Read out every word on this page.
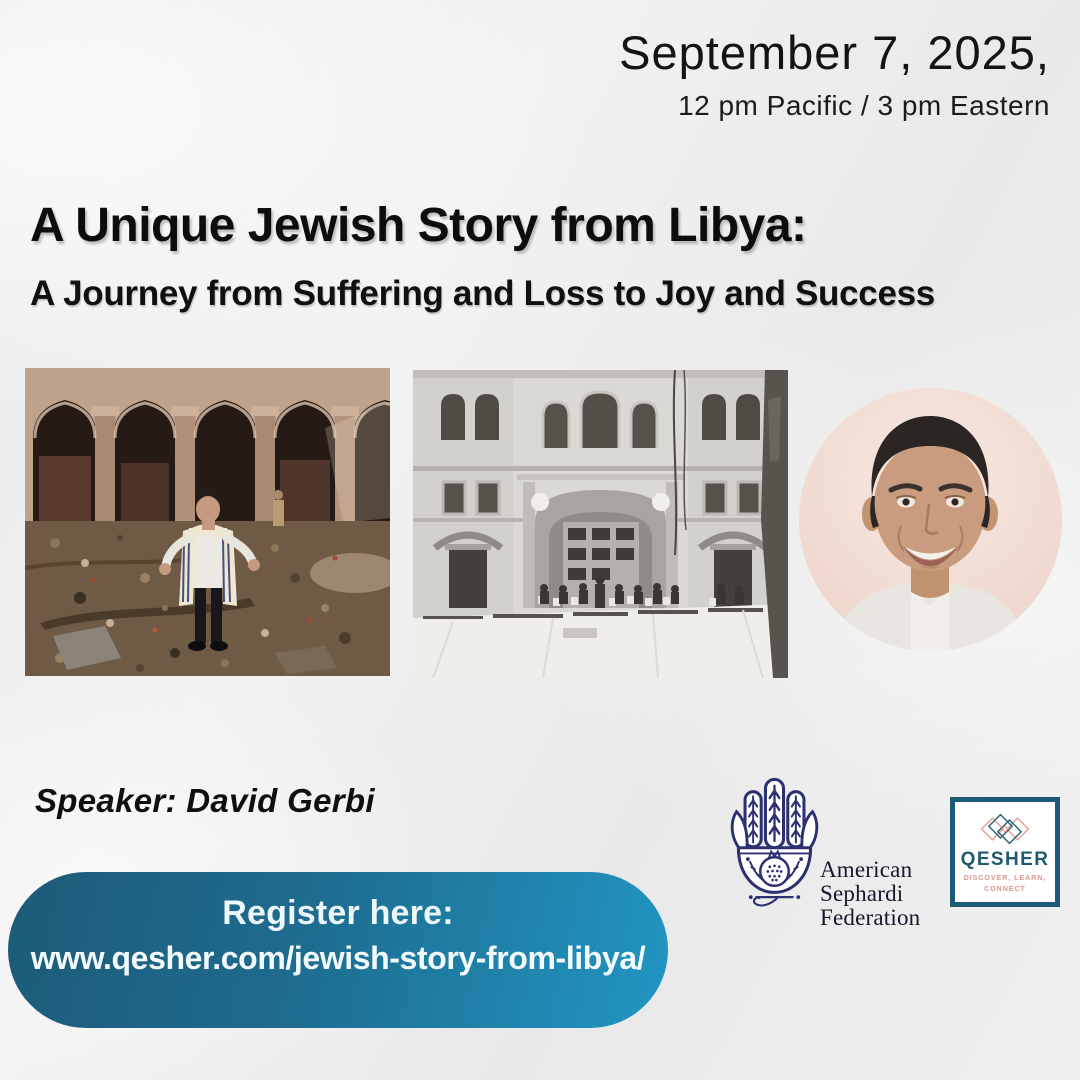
September 7, 2025,
12 pm Pacific / 3 pm Eastern
A Unique Jewish Story from Libya:
A Journey from Suffering and Loss to Joy and Success
Speaker: David Gerbi
Register here:
www.qesher.com/jewish-story-from-libya/
American
Sephardi
Federation
QESHER
DISCOVER, LEARN,
CONNECT
